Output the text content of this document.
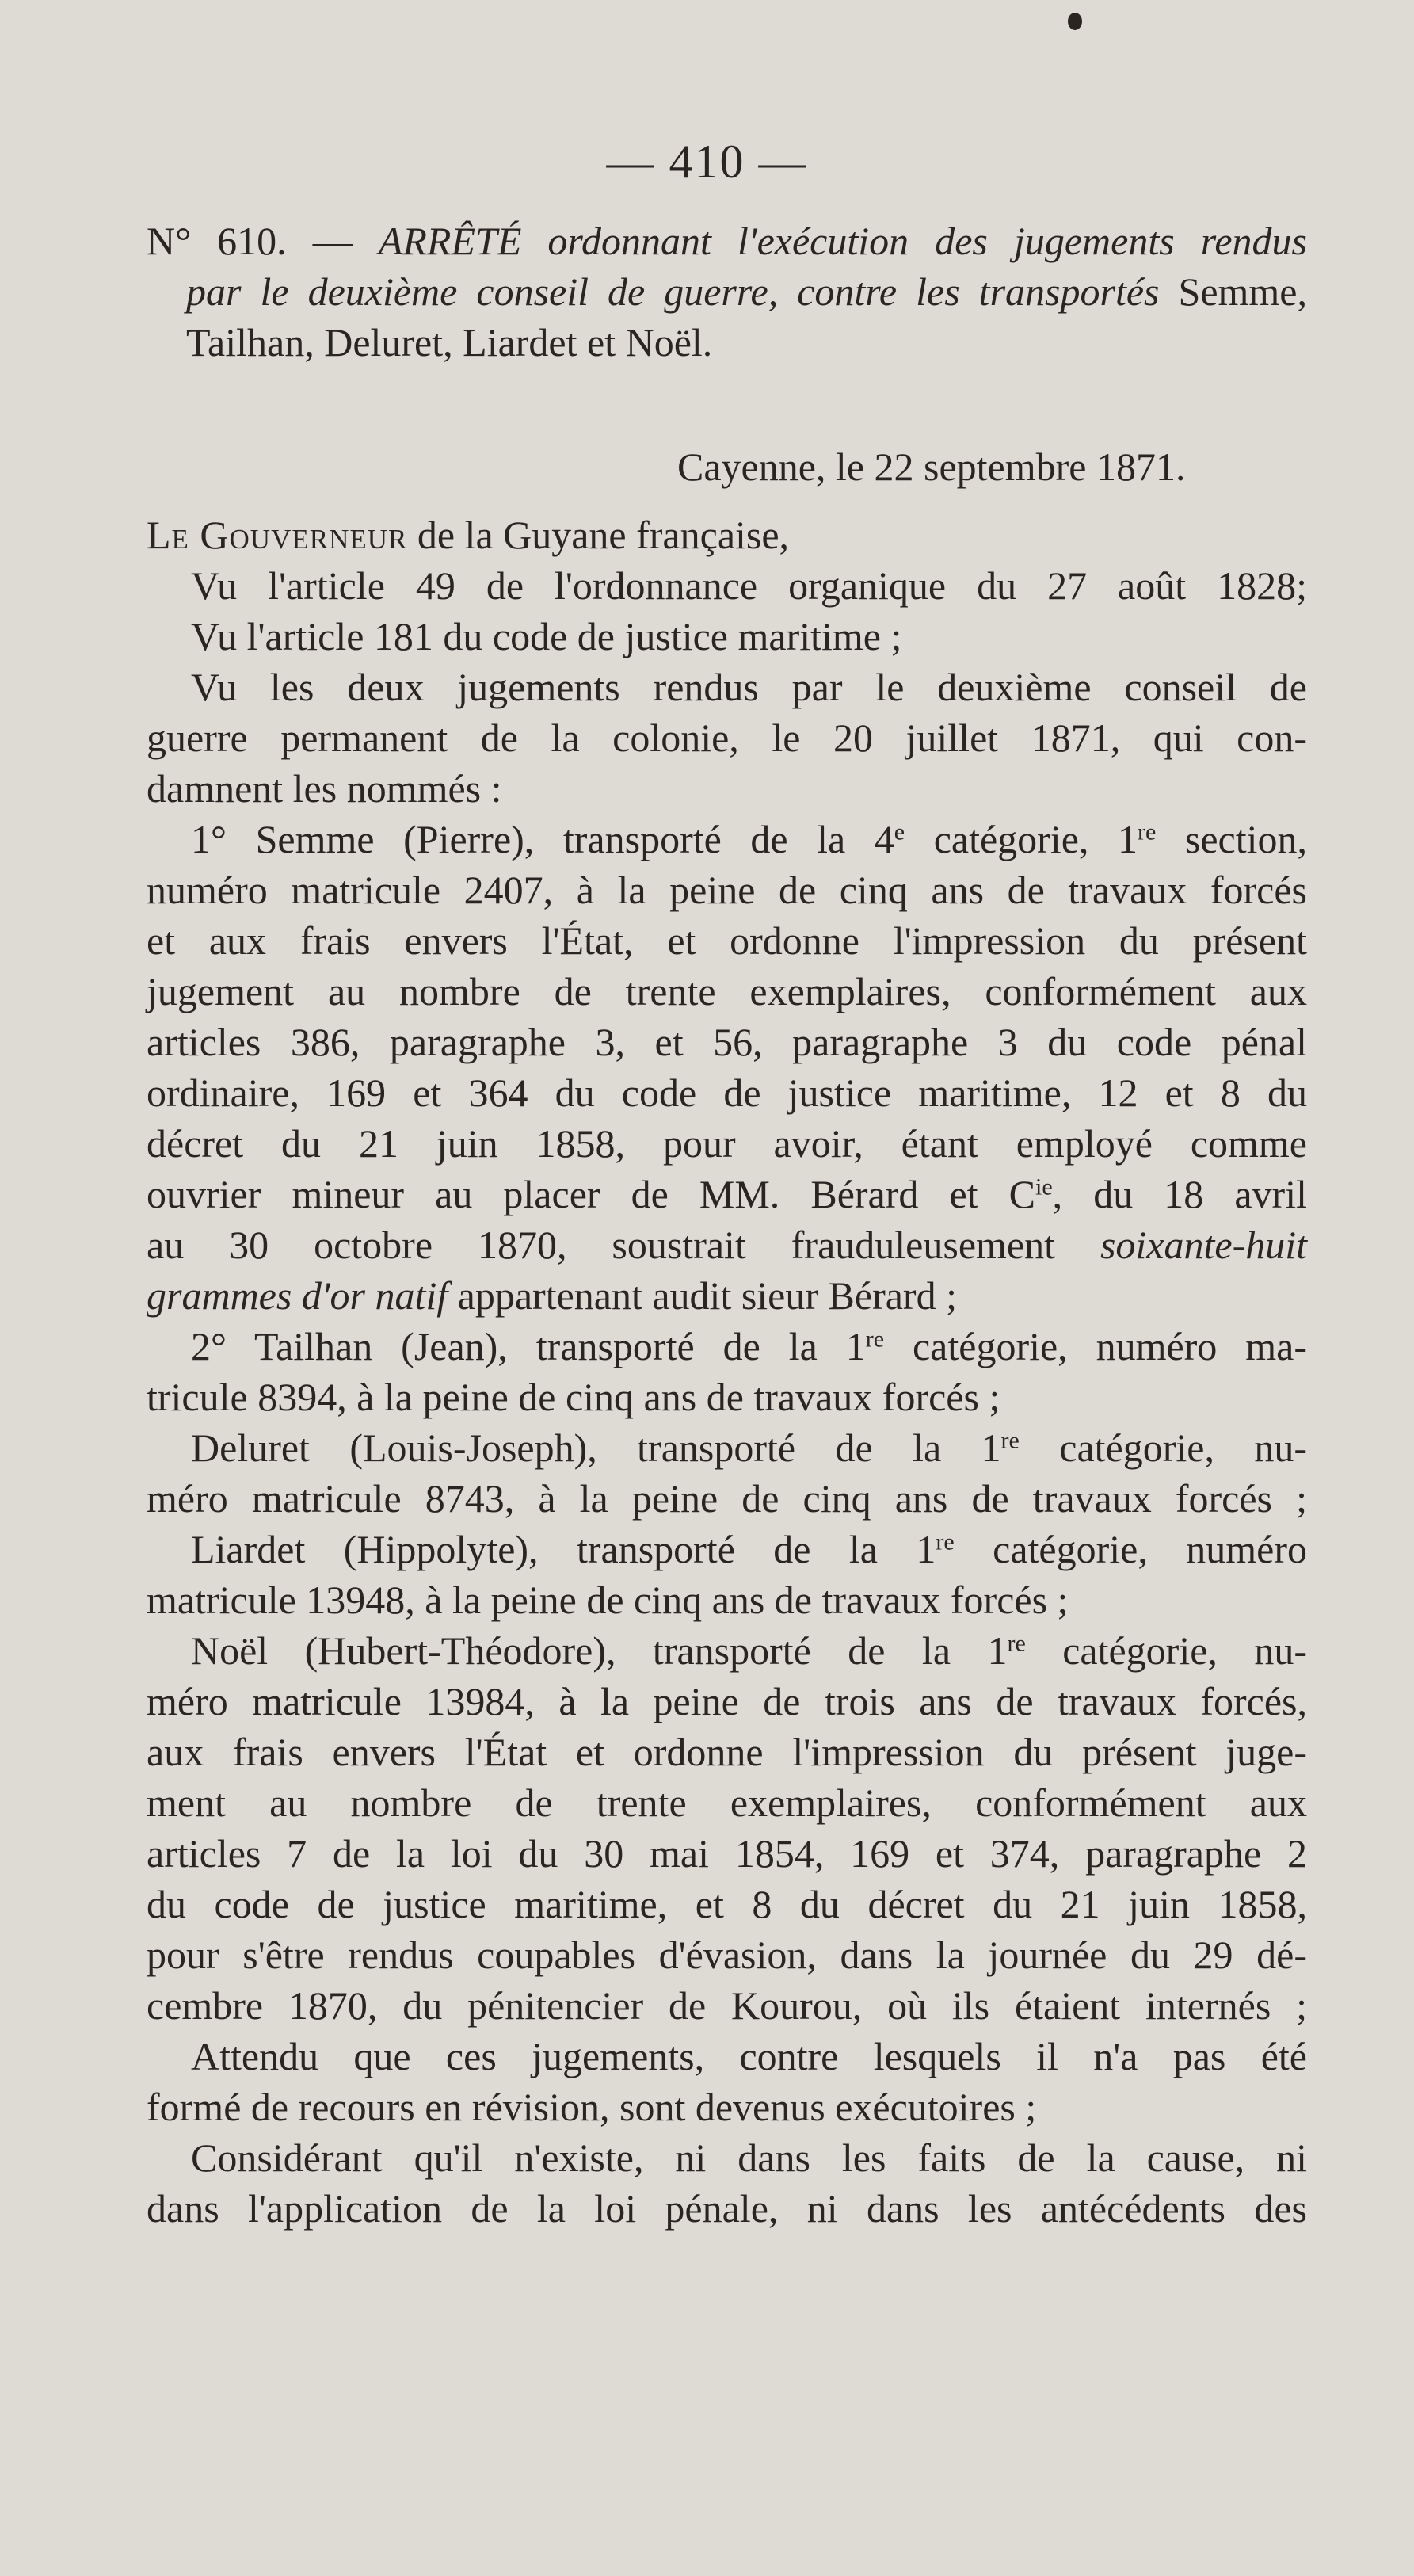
— 410 —
N° 610. — ARRÊTÉ ordonnant l'exécution des jugements rendus
par le deuxième conseil de guerre, contre les transportés Semme,
Tailhan, Deluret, Liardet et Noël.
Cayenne, le 22 septembre 1871.
Le Gouverneur de la Guyane française,
Vu l'article 49 de l'ordonnance organique du 27 août 1828;
Vu l'article 181 du code de justice maritime ;
Vu les deux jugements rendus par le deuxième conseil de
guerre permanent de la colonie, le 20 juillet 1871, qui con-
damnent les nommés :
1° Semme (Pierre), transporté de la 4e catégorie, 1re section,
numéro matricule 2407, à la peine de cinq ans de travaux forcés
et aux frais envers l'État, et ordonne l'impression du présent
jugement au nombre de trente exemplaires, conformément aux
articles 386, paragraphe 3, et 56, paragraphe 3 du code pénal
ordinaire, 169 et 364 du code de justice maritime, 12 et 8 du
décret du 21 juin 1858, pour avoir, étant employé comme
ouvrier mineur au placer de MM. Bérard et $C^{ie}$, du 18 avril
au 30 octobre 1870, soustrait frauduleusement soixante-huit
grammes d'or natif appartenant audit sieur Bérard ;
2° Tailhan (Jean), transporté de la 1re catégorie, numéro ma-
tricule 8394, à la peine de cinq ans de travaux forcés ;
Deluret (Louis-Joseph), transporté de la 1re catégorie, nu-
méro matricule 8743, à la peine de cinq ans de travaux forcés ;
Liardet (Hippolyte), transporté de la 1re catégorie, numéro
matricule 13948, à la peine de cinq ans de travaux forcés ;
Noël (Hubert-Théodore), transporté de la 1re catégorie, nu-
méro matricule 13984, à la peine de trois ans de travaux forcés,
aux frais envers l'État et ordonne l'impression du présent juge-
ment au nombre de trente exemplaires, conformément aux
articles 7 de la loi du 30 mai 1854, 169 et 374, paragraphe 2
du code de justice maritime, et 8 du décret du 21 juin 1858,
pour s'être rendus coupables d'évasion, dans la journée du 29 dé-
cembre 1870, du pénitencier de Kourou, où ils étaient internés ;
Attendu que ces jugements, contre lesquels il n'a pas été
formé de recours en révision, sont devenus exécutoires ;
Considérant qu'il n'existe, ni dans les faits de la cause, ni
dans l'application de la loi pénale, ni dans les antécédents des
